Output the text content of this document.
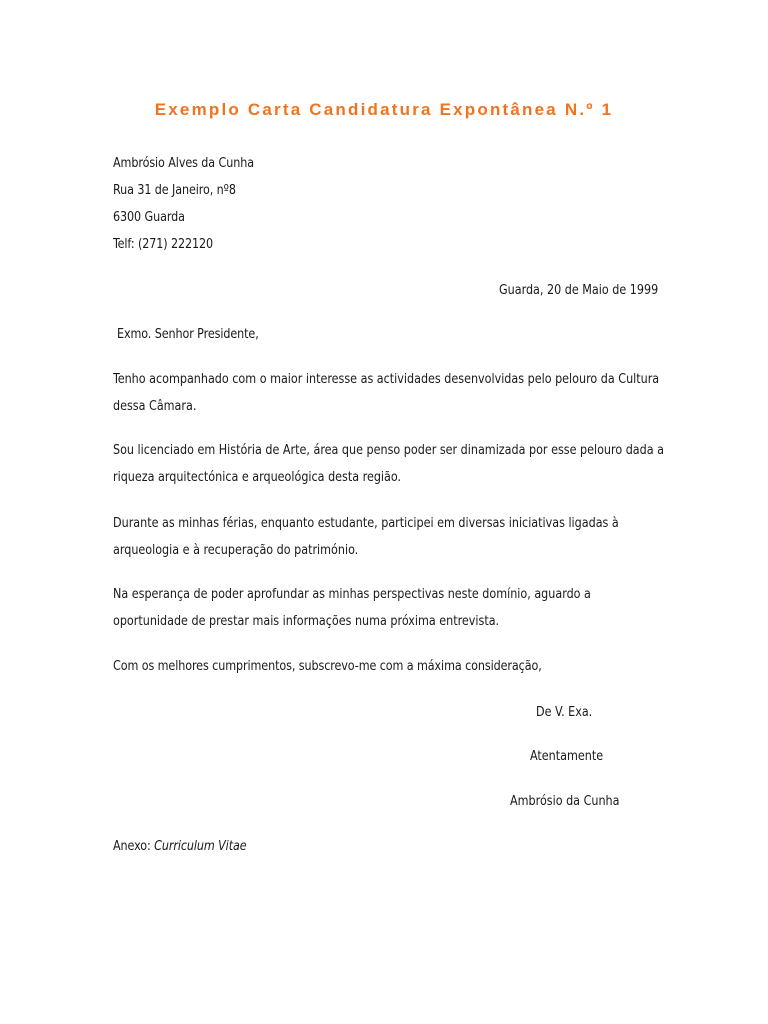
Exemplo Carta Candidatura Expontânea N.º 1
Ambrósio Alves da Cunha
Rua 31 de Janeiro, nº8
6300 Guarda
Telf: (271) 222120
Guarda, 20 de Maio de 1999
Exmo. Senhor Presidente,
Tenho acompanhado com o maior interesse as actividades desenvolvidas pelo pelouro da Cultura
dessa Câmara.
Sou licenciado em História de Arte, área que penso poder ser dinamizada por esse pelouro dada a
riqueza arquitectónica e arqueológica desta região.
Durante as minhas férias, enquanto estudante, participei em diversas iniciativas ligadas à
arqueologia e à recuperação do património.
Na esperança de poder aprofundar as minhas perspectivas neste domínio, aguardo a
oportunidade de prestar mais informações numa próxima entrevista.
Com os melhores cumprimentos, subscrevo-me com a máxima consideração,
De V. Exa.
Atentamente
Ambrósio da Cunha
Anexo: Curriculum Vitae
